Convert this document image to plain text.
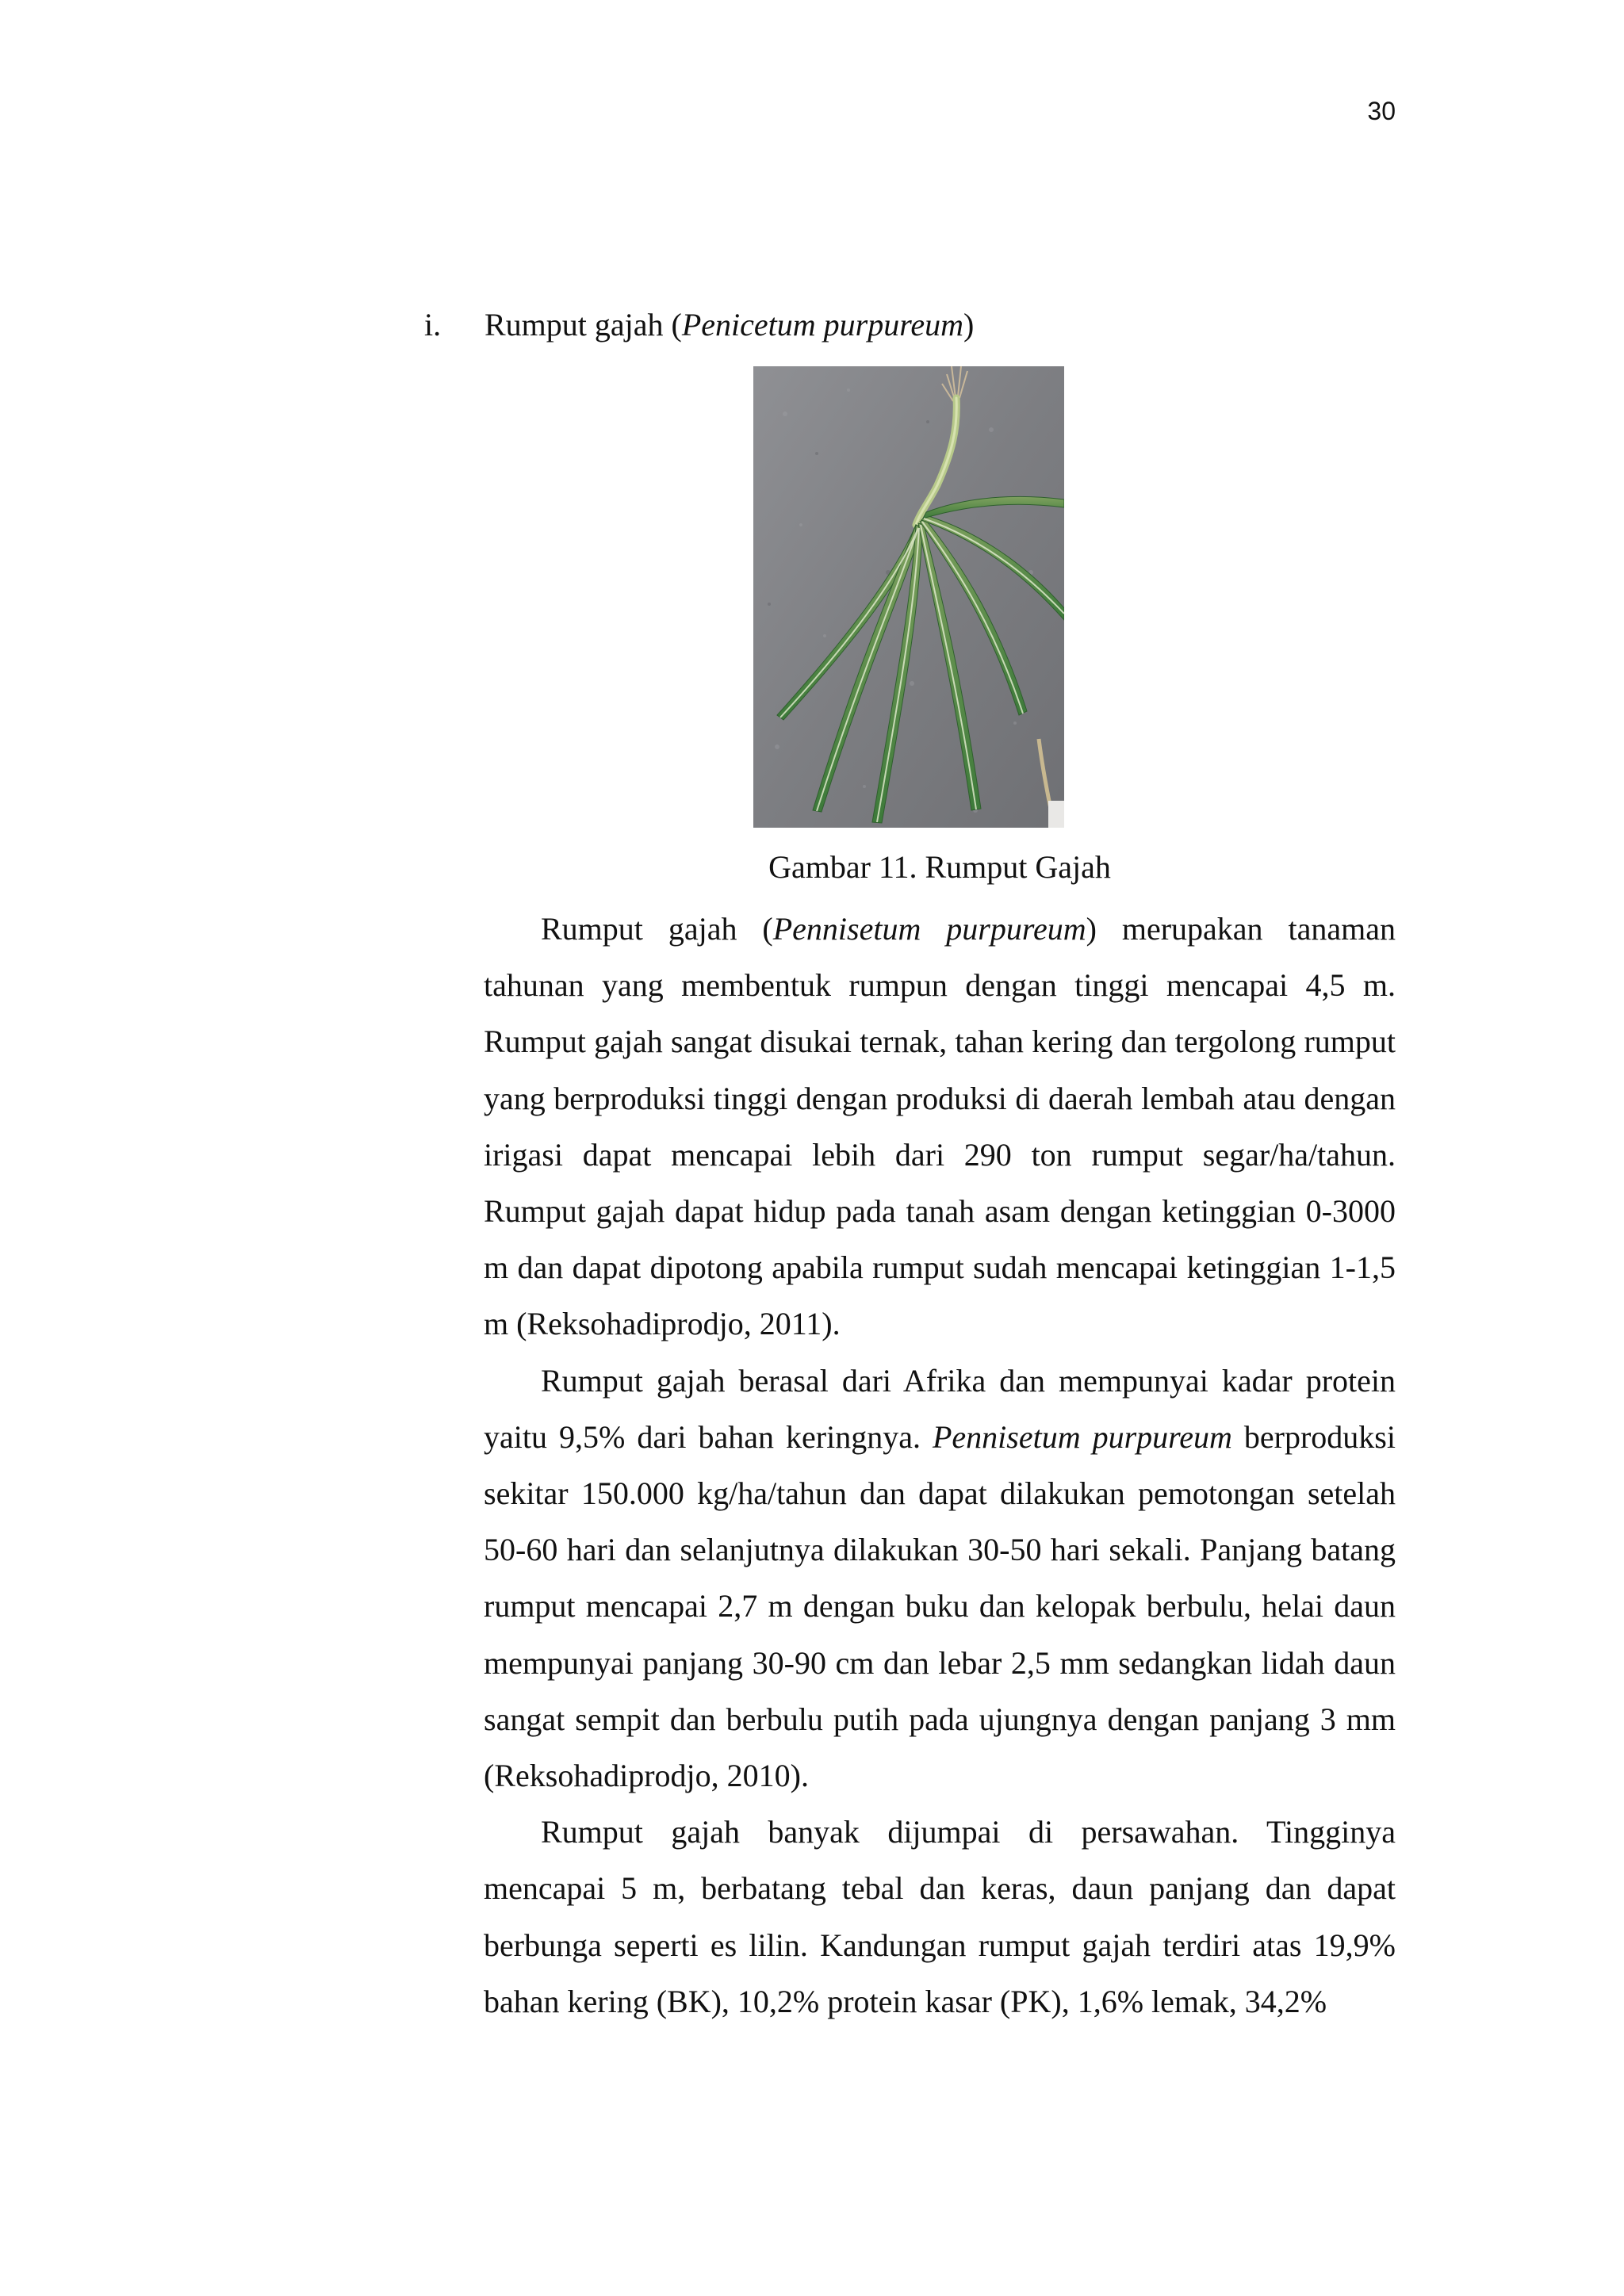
30
i. Rumput gajah (Penicetum purpureum)
Gambar 11. Rumput Gajah

Rumput gajah (Pennisetum purpureum) merupakan tanaman tahunan yang membentuk rumpun dengan tinggi mencapai 4,5 m. Rumput gajah sangat disukai ternak, tahan kering dan tergolong rumput yang berproduksi tinggi dengan produksi di daerah lembah atau dengan irigasi dapat mencapai lebih dari 290 ton rumput segar/ha/tahun. Rumput gajah dapat hidup pada tanah asam dengan ketinggian 0-3000 m dan dapat dipotong apabila rumput sudah mencapai ketinggian 1-1,5 m (Reksohadiprodjo, 2011).

Rumput gajah berasal dari Afrika dan mempunyai kadar protein yaitu 9,5% dari bahan keringnya. Pennisetum purpureum berproduksi sekitar 150.000 kg/ha/tahun dan dapat dilakukan pemotongan setelah 50-60 hari dan selanjutnya dilakukan 30-50 hari sekali. Panjang batang rumput mencapai 2,7 m dengan buku dan kelopak berbulu, helai daun mempunyai panjang 30-90 cm dan lebar 2,5 mm sedangkan lidah daun sangat sempit dan berbulu putih pada ujungnya dengan panjang 3 mm (Reksohadiprodjo, 2010).

Rumput gajah banyak dijumpai di persawahan. Tingginya mencapai 5 m, berbatang tebal dan keras, daun panjang dan dapat berbunga seperti es lilin. Kandungan rumput gajah terdiri atas 19,9% bahan kering (BK), 10,2% protein kasar (PK), 1,6% lemak, 34,2%
